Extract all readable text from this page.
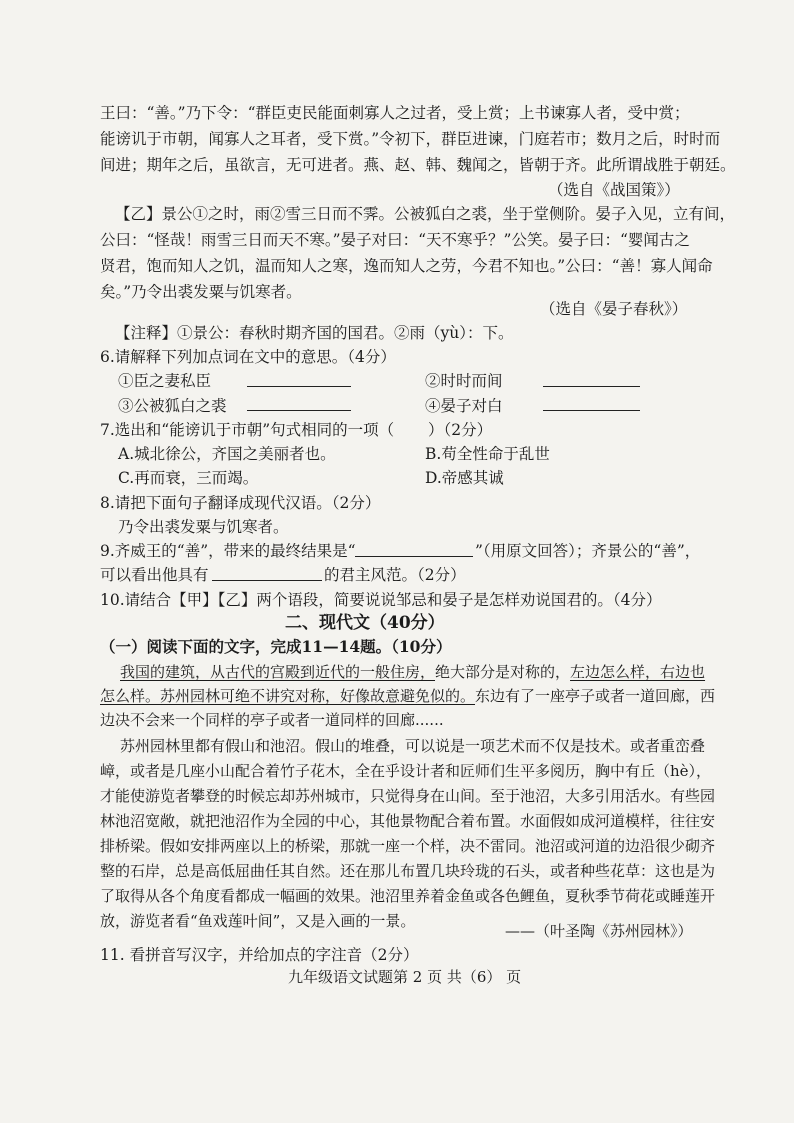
王曰：“善。”乃下令：“群臣吏民能面刺寡人之过者，受上赏；上书谏寡人者，受中赏；
能谤讥于市朝，闻寡人之耳者，受下赏。”令初下，群臣进谏，门庭若市；数月之后，时时而
间进；期年之后，虽欲言，无可进者。燕、赵、韩、魏闻之，皆朝于齐。此所谓战胜于朝廷。
（选自《战国策》）
【乙】景公①之时，雨②雪三日而不霁。公被狐白之裘，坐于堂侧阶。晏子入见，立有间，
公曰：“怪哉！雨雪三日而天不寒。”晏子对曰：“天不寒乎？”公笑。晏子曰：“婴闻古之
贤君，饱而知人之饥，温而知人之寒，逸而知人之劳，今君不知也。”公曰：“善！寡人闻命
矣。”乃令出裘发粟与饥寒者。
（选自《晏子春秋》）
【注释】①景公：春秋时期齐国的国君。②雨（yù）：下。
6.请解释下列加点词在文中的意思。（4分）
①臣之妻私臣	②时时而间
③公被狐白之裘	④晏子对白
7.选出和“能谤讥于市朝”句式相同的一项（ ）（2分）
A.城北徐公，齐国之美丽者也。	B.苟全性命于乱世
C.再而衰，三而竭。	D.帝感其诚
8.请把下面句子翻译成现代汉语。（2分）
乃令出裘发粟与饥寒者。
9.齐威王的“善”，带来的最终结果是“	”（用原文回答）；齐景公的“善”，
可以看出他具有	的君主风范。（2分）
10.请结合【甲】【乙】两个语段，简要说说邹忌和晏子是怎样劝说国君的。（4分）
二、现代文（40分）
（一）阅读下面的文字，完成11—14题。（10分）
我国的建筑，从古代的宫殿到近代的一般住房，绝大部分是对称的，左边怎么样，右边也
怎么样。苏州园林可绝不讲究对称，好像故意避免似的。东边有了一座亭子或者一道回廊，西
边决不会来一个同样的亭子或者一道同样的回廊......
苏州园林里都有假山和池沼。假山的堆叠，可以说是一项艺术而不仅是技术。或者重峦叠
嶂，或者是几座小山配合着竹子花木，全在乎设计者和匠师们生平多阅历，胸中有丘（hè），
才能使游览者攀登的时候忘却苏州城市，只觉得身在山间。至于池沼，大多引用活水。有些园
林池沼宽敞，就把池沼作为全园的中心，其他景物配合着布置。水面假如成河道模样，往往安
排桥梁。假如安排两座以上的桥梁，那就一座一个样，决不雷同。池沼或河道的边沿很少砌齐
整的石岸，总是高低屈曲任其自然。还在那儿布置几块玲珑的石头，或者种些花草：这也是为
了取得从各个角度看都成一幅画的效果。池沼里养着金鱼或各色鲤鱼，夏秋季节荷花或睡莲开
放，游览者看“鱼戏莲叶间”，又是入画的一景。
——（叶圣陶《苏州园林》）
11. 看拼音写汉字，并给加点的字注音（2分）
九年级语文试题第 2 页 共（6） 页
